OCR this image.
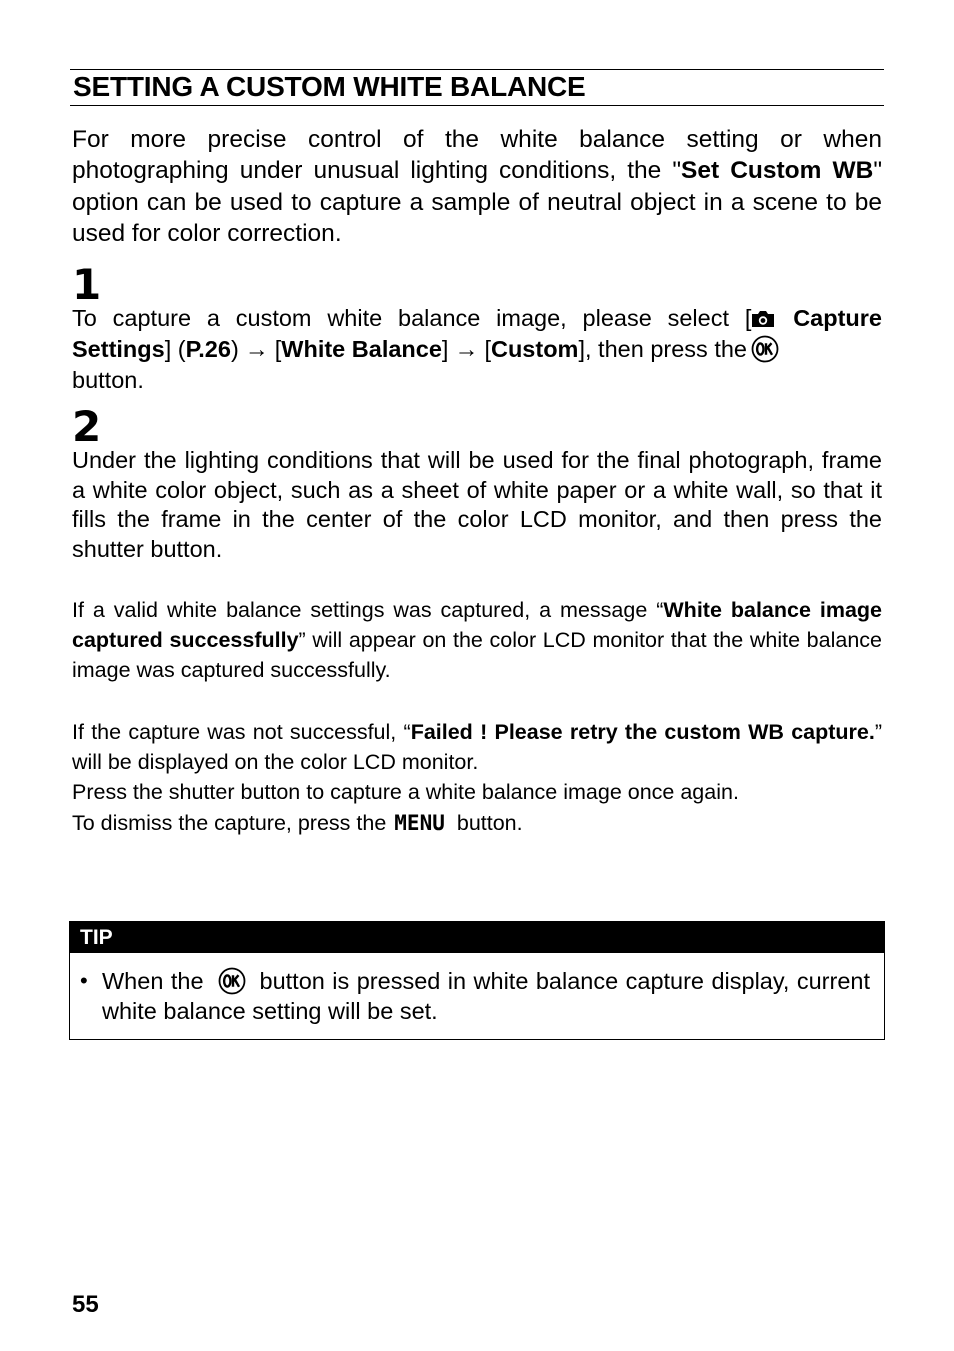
SETTING A CUSTOM WHITE BALANCE

For more precise control of the white balance setting or when photographing under unusual lighting conditions, the "Set Custom WB" option can be used to capture a sample of neutral object in a scene to be used for color correction.

1

To capture a custom white balance image, please select [ Capture Settings] (P.26) → [White Balance] → [Custom], then press the
button.

2

Under the lighting conditions that will be used for the final photograph, frame a white color object, such as a sheet of white paper or a white wall, so that it fills the frame in the center of the color LCD monitor, and then press the shutter button.

If a valid white balance settings was captured, a message “White balance image captured successfully” will appear on the color LCD monitor that the white balance image was captured successfully.

If the capture was not successful, “Failed ! Please retry the custom WB capture.” will be displayed on the color LCD monitor.
Press the shutter button to capture a white balance image once again.
To dismiss the capture, press the MENU button.

TIP
• When the button is pressed in white balance capture display, current white balance setting will be set.
55
